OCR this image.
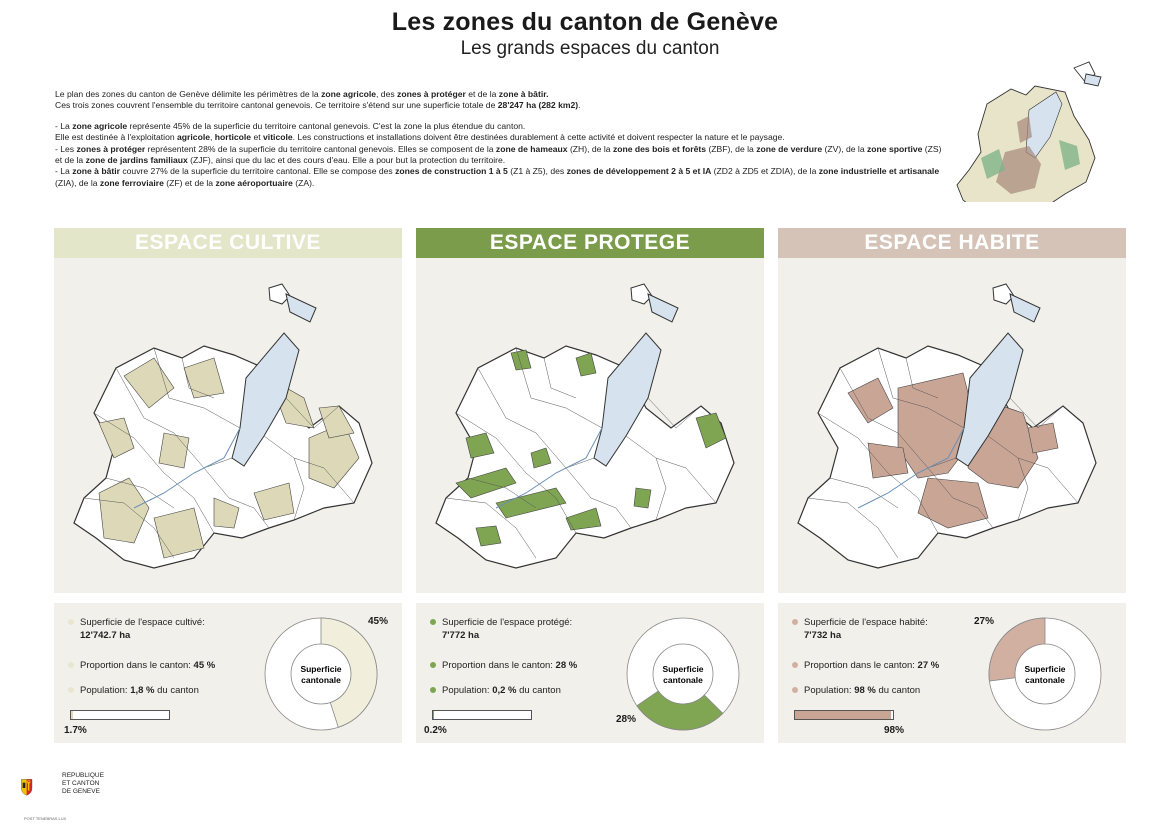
Les zones du canton de Genève
Les grands espaces du canton

Le plan des zones du canton de Genève délimite les périmètres de la zone agricole, des zones à protéger et de la zone à bâtir.

Ces trois zones couvrent l'ensemble du territoire cantonal genevois. Ce territoire s'étend sur une superficie totale de 28'247 ha (282 km2).

- La zone agricole représente 45% de la superficie du territoire cantonal genevois. C'est la zone la plus étendue du canton.

Elle est destinée à l'exploitation agricole, horticole et viticole. Les constructions et installations doivent être destinées durablement à cette activité et doivent respecter la nature et le paysage.

- Les zones à protéger représentent 28% de la superficie du territoire cantonal genevois. Elles se composent de la zone de hameaux (ZH), de la zone des bois et forêts (ZBF), de la zone de verdure (ZV), de la zone sportive (ZS) et de la zone de jardins familiaux (ZJF), ainsi que du lac et des cours d'eau. Elle a pour but la protection du territoire.

- La zone à bâtir couvre 27% de la superficie du territoire cantonal. Elle se compose des zones de construction 1 à 5 (Z1 à Z5), des zones de développement 2 à 5 et IA (ZD2 à ZD5 et ZDIA), de la zone industrielle et artisanale (ZIA), de la zone ferroviaire (ZF) et de la zone aéroportuaire (ZA).

ESPACE CULTIVE
Superficie de l'espace cultivé:
12'742.7 ha
Proportion dans le canton: 45 %
Population: 1,8 % du canton
Superficie
cantonale
1.7%
45%
ESPACE PROTEGE
Superficie de l'espace protégé:
7'772 ha
Proportion dans le canton: 28 %
Population: 0,2 % du canton
Superficie
cantonale
0.2%
28%
ESPACE HABITE
Superficie de l'espace habité:
7'732 ha
Proportion dans le canton: 27 %
Population: 98 % du canton
Superficie
cantonale
98%
27%
REPUBLIQUE
ET CANTON
DE GENEVE
POST TENEBRAS LUX
